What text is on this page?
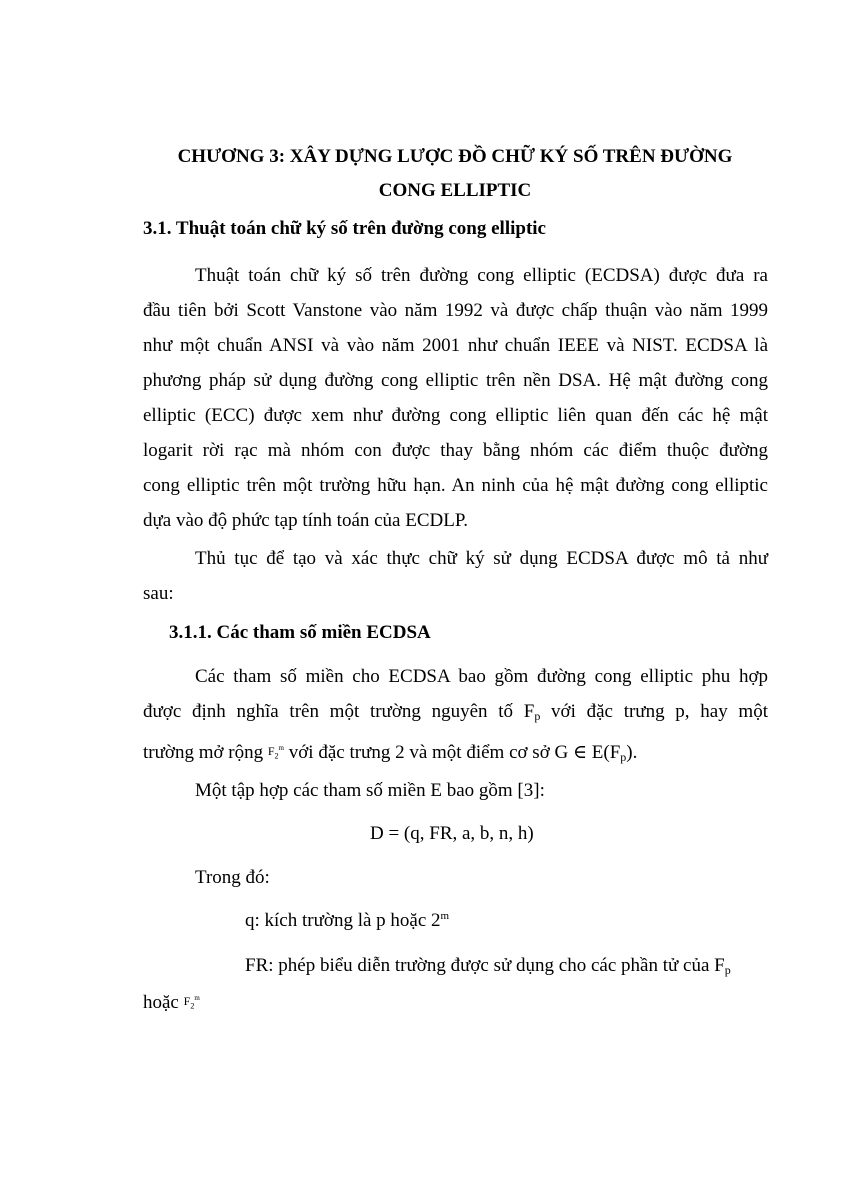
CHƯƠNG 3: XÂY DỰNG LƯỢC ĐỒ CHỮ KÝ SỐ TRÊN ĐƯỜNG
CONG ELLIPTIC
3.1. Thuật toán chữ ký số trên đường cong elliptic
Thuật toán chữ ký số trên đường cong elliptic (ECDSA) được đưa ra
đầu tiên bởi Scott Vanstone vào năm 1992 và được chấp thuận vào năm 1999
như một chuẩn ANSI và vào năm 2001 như chuẩn IEEE và NIST. ECDSA là
phương pháp sử dụng đường cong elliptic trên nền DSA. Hệ mật đường cong
elliptic (ECC) được xem như đường cong elliptic liên quan đến các hệ mật
logarit rời rạc mà nhóm con được thay bằng nhóm các điểm thuộc đường
cong elliptic trên một trường hữu hạn. An ninh của hệ mật đường cong elliptic
dựa vào độ phức tạp tính toán của ECDLP.
Thủ tục để tạo và xác thực chữ ký sử dụng ECDSA được mô tả như
sau:
3.1.1. Các tham số miền ECDSA
Các tham số miền cho ECDSA bao gồm đường cong elliptic phu hợp
được định nghĩa trên một trường nguyên tố $F_p$ với đặc trưng p, hay một
trường mở rộng $F_2^m$ với đặc trưng 2 và một điểm cơ sở G ∈ $E(F_p)$.
Một tập hợp các tham số miền E bao gồm [3]:
D = (q, FR, a, b, n, h)
Trong đó:
q: kích trường là p hoặc 2$^m$
FR: phép biểu diễn trường được sử dụng cho các phần tử của $F_p$
hoặc $F_2^m$
